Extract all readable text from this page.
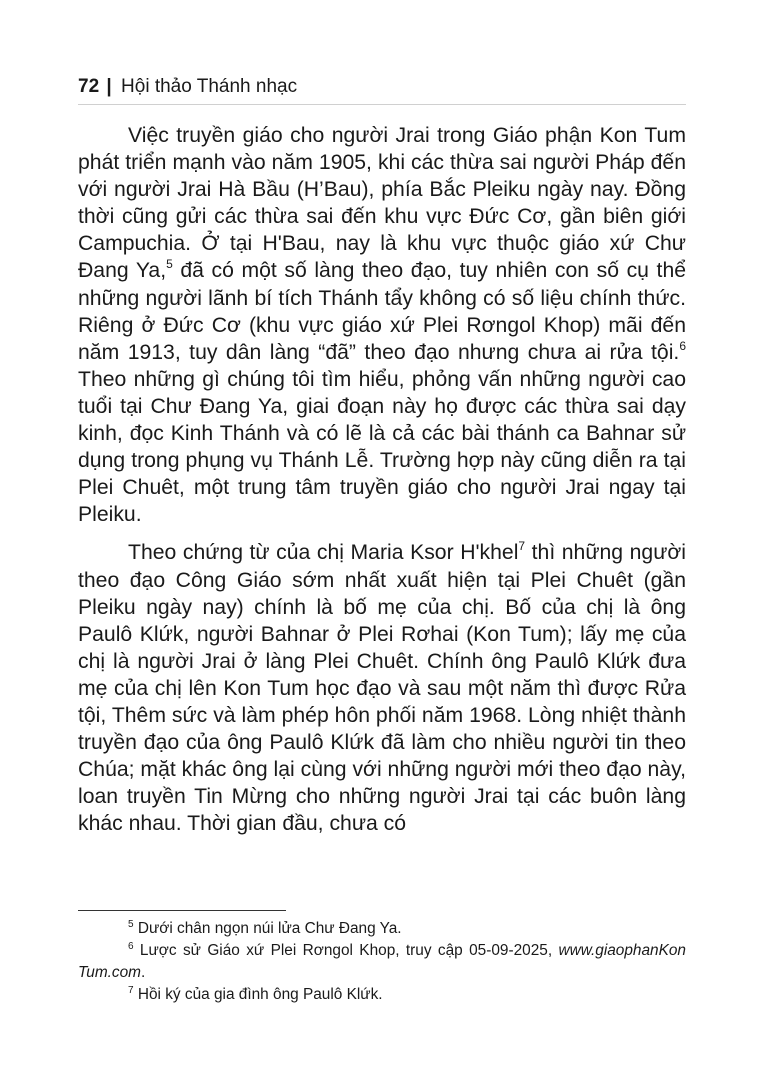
72 | Hội thảo Thánh nhạc

Việc truyền giáo cho người Jrai trong Giáo phận Kon Tum phát triển mạnh vào năm 1905, khi các thừa sai người Pháp đến với người Jrai Hà Bầu (H’Bau), phía Bắc Pleiku ngày nay. Đồng thời cũng gửi các thừa sai đến khu vực Đức Cơ, gần biên giới Campuchia. Ở tại H'Bau, nay là khu vực thuộc giáo xứ Chư Đang Ya,$^5$ đã có một số làng theo đạo, tuy nhiên con số cụ thể những người lãnh bí tích Thánh tẩy không có số liệu chính thức. Riêng ở Đức Cơ (khu vực giáo xứ Plei Rơngol Khop) mãi đến năm 1913, tuy dân làng “đã” theo đạo nhưng chưa ai rửa tội.$^6$ Theo những gì chúng tôi tìm hiểu, phỏng vấn những người cao tuổi tại Chư Đang Ya, giai đoạn này họ được các thừa sai dạy kinh, đọc Kinh Thánh và có lẽ là cả các bài thánh ca Bahnar sử dụng trong phụng vụ Thánh Lễ. Trường hợp này cũng diễn ra tại Plei Chuêt, một trung tâm truyền giáo cho người Jrai ngay tại Pleiku.

Theo chứng từ của chị Maria Ksor H'khel$^7$ thì những người theo đạo Công Giáo sớm nhất xuất hiện tại Plei Chuêt (gần Pleiku ngày nay) chính là bố mẹ của chị. Bố của chị là ông Paulô Klứk, người Bahnar ở Plei Rơhai (Kon Tum); lấy mẹ của chị là người Jrai ở làng Plei Chuêt. Chính ông Paulô Klứk đưa mẹ của chị lên Kon Tum học đạo và sau một năm thì được Rửa tội, Thêm sức và làm phép hôn phối năm 1968. Lòng nhiệt thành truyền đạo của ông Paulô Klứk đã làm cho nhiều người tin theo Chúa; mặt khác ông lại cùng với những người mới theo đạo này, loan truyền Tin Mừng cho những người Jrai tại các buôn làng khác nhau. Thời gian đầu, chưa có

$^5$ Dưới chân ngọn núi lửa Chư Đang Ya.

$^6$ Lược sử Giáo xứ Plei Rơngol Khop, truy cập 05-09-2025, www.giaophanKon Tum.com.

$^7$ Hồi ký của gia đình ông Paulô Klứk.
